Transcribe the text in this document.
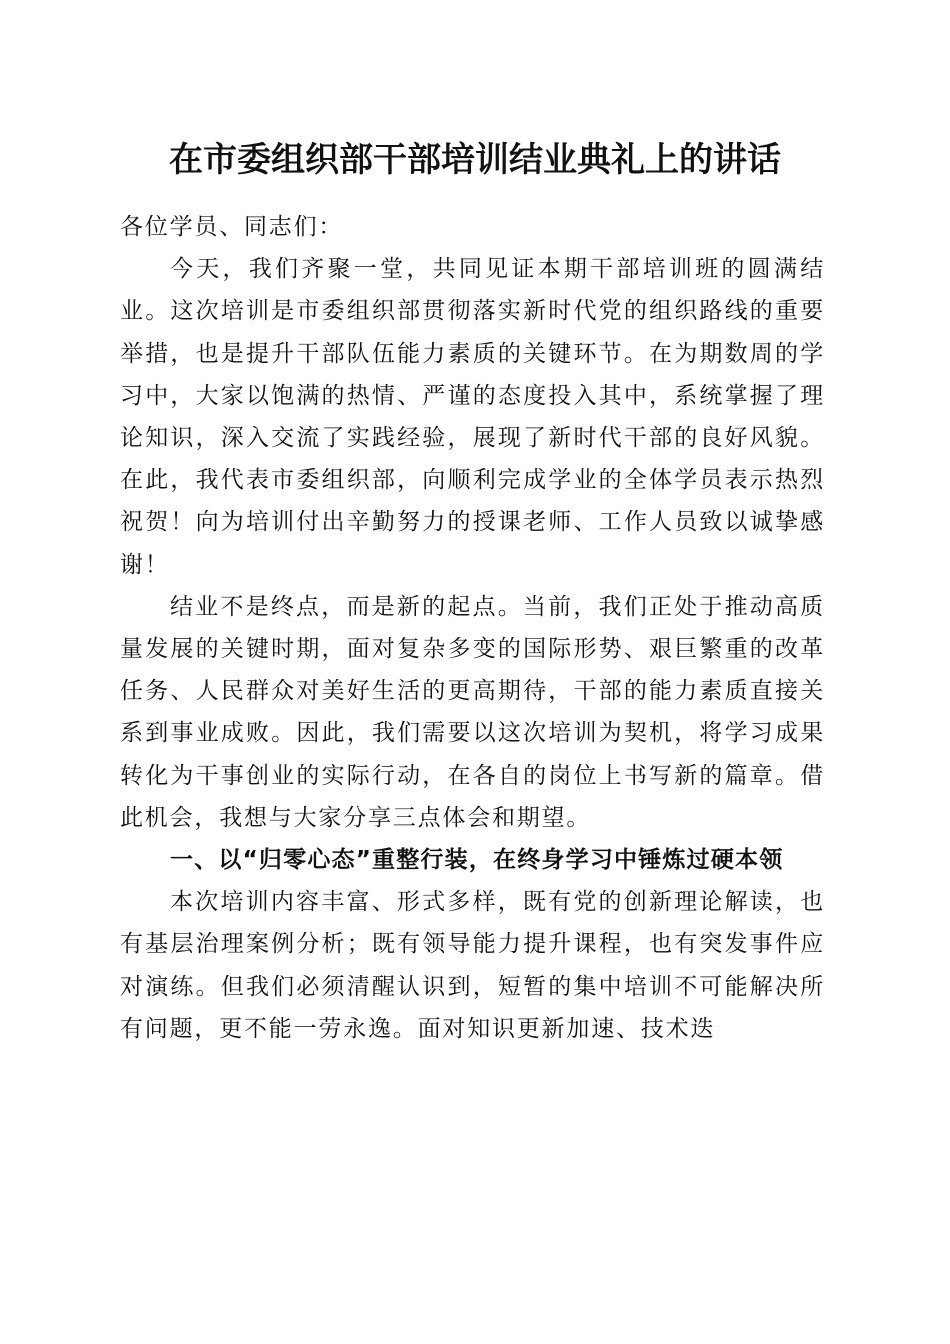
在市委组织部干部培训结业典礼上的讲话

各位学员、同志们：

今天，我们齐聚一堂，共同见证本期干部培训班的圆满结业。这次培训是市委组织部贯彻落实新时代党的组织路线的重要举措，也是提升干部队伍能力素质的关键环节。在为期数周的学习中，大家以饱满的热情、严谨的态度投入其中，系统掌握了理论知识，深入交流了实践经验，展现了新时代干部的良好风貌。在此，我代表市委组织部，向顺利完成学业的全体学员表示热烈祝贺！向为培训付出辛勤努力的授课老师、工作人员致以诚挚感谢！

结业不是终点，而是新的起点。当前，我们正处于推动高质量发展的关键时期，面对复杂多变的国际形势、艰巨繁重的改革任务、人民群众对美好生活的更高期待，干部的能力素质直接关系到事业成败。因此，我们需要以这次培训为契机，将学习成果转化为干事创业的实际行动，在各自的岗位上书写新的篇章。借此机会，我想与大家分享三点体会和期望。

一、以“归零心态”重整行装，在终身学习中锤炼过硬本领

本次培训内容丰富、形式多样，既有党的创新理论解读，也有基层治理案例分析；既有领导能力提升课程，也有突发事件应对演练。但我们必须清醒认识到，短暂的集中培训不可能解决所有问题，更不能一劳永逸。面对知识更新加速、技术迭
